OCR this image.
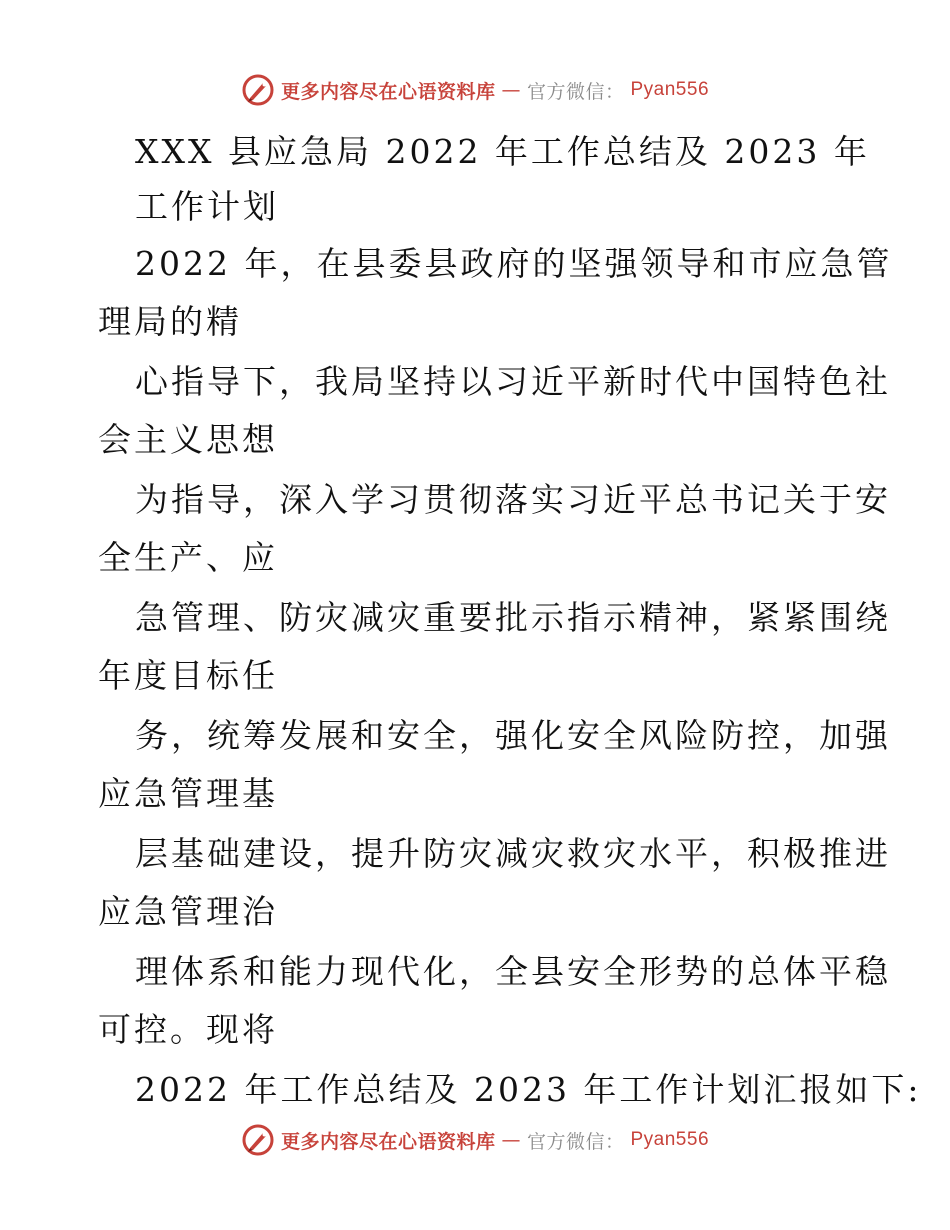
更多内容尽在心语资料库 — 官方微信： Pyan556
XXX 县应急局 2022 年工作总结及 2023 年
工作计划
2022 年，在县委县政府的坚强领导和市应急管
理局的精
心指导下，我局坚持以习近平新时代中国特色社
会主义思想
为指导，深入学习贯彻落实习近平总书记关于安
全生产、应
急管理、防灾减灾重要批示指示精神，紧紧围绕
年度目标任
务，统筹发展和安全，强化安全风险防控，加强
应急管理基
层基础建设，提升防灾减灾救灾水平，积极推进
应急管理治
理体系和能力现代化，全县安全形势的总体平稳
可控。现将
2022 年工作总结及 2023 年工作计划汇报如下:
更多内容尽在心语资料库 — 官方微信： Pyan556
